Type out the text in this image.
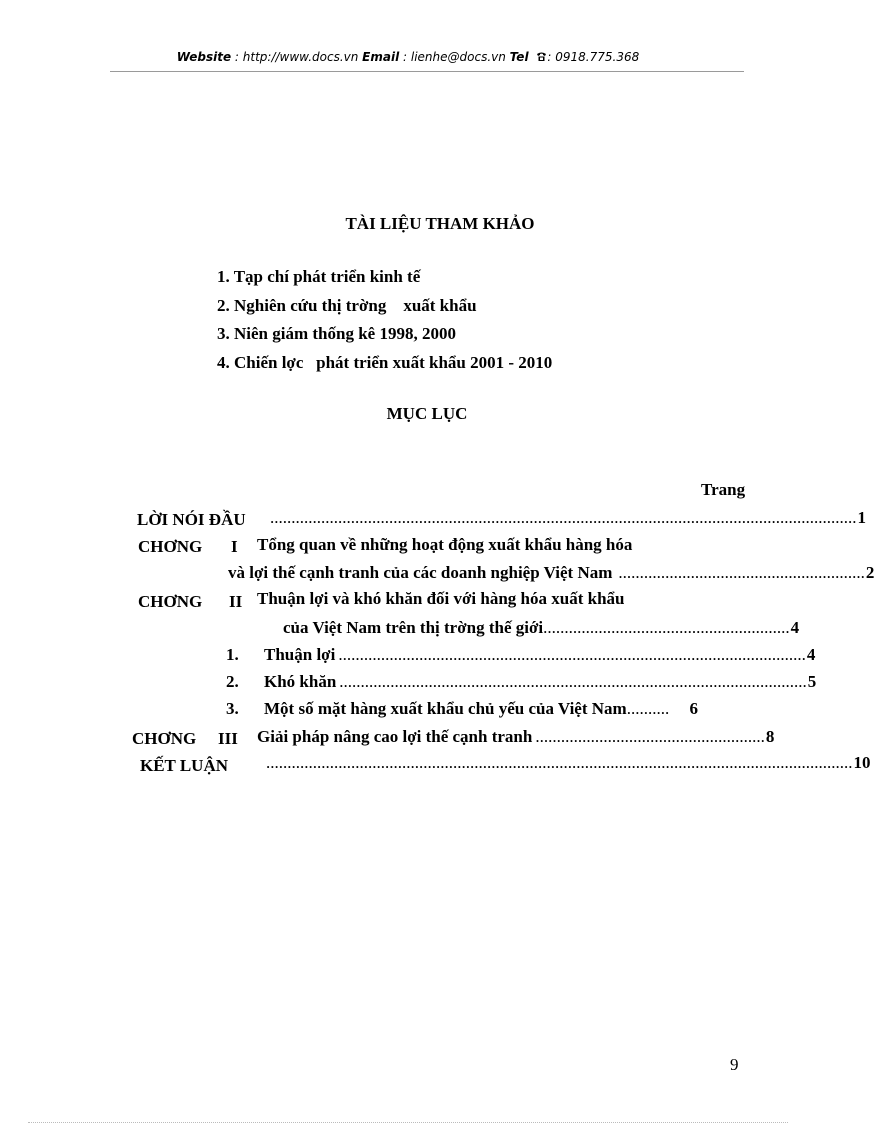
Website : http://www.docs.vn Email : lienhe@docs.vn Tel : 0918.775.368
TÀI LIỆU THAM KHẢO
1. Tạp chí phát triển kinh tế
2. Nghiên cứu thị trờng    xuất khẩu
3. Niên giám thống kê 1998, 2000
4. Chiến lợc   phát triển xuất khẩu 2001 - 2010
MỤC LỤC
Trang
LỜI NÓI ĐẦU .......................................................................................................................................... 1
CHƠNG I Tổng quan về những hoạt động xuất khẩu hàng hóa
và lợi thế cạnh tranh của các doanh nghiệp Việt Nam .......................................................... 2
CHƠNG II Thuận lợi và khó khăn đối với hàng hóa xuất khẩu
của Việt Nam trên thị trờng thế giới .......................................................... 4
1. Thuận lợi .............................................................................................................. 4
2. Khó khăn .............................................................................................................. 5
3. Một số mặt hàng xuất khẩu chủ yếu của Việt Nam ..........	6
CHƠNG III Giải pháp nâng cao lợi thế cạnh tranh ...................................................... 8
KẾT LUẬN .......................................................................................................................................... 10
9
